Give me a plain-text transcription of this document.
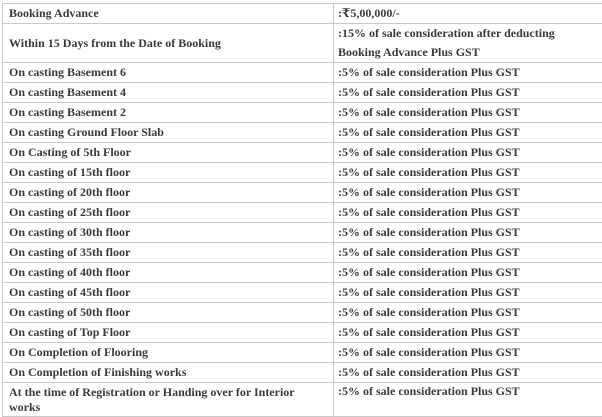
Booking Advance	:₹5,00,000/-
Within 15 Days from the Date of Booking	:15% of sale consideration after deducting
Booking Advance Plus GST

On casting Basement 6	:5% of sale consideration Plus GST
On casting Basement 4	:5% of sale consideration Plus GST
On casting Basement 2	:5% of sale consideration Plus GST
On casting Ground Floor Slab	:5% of sale consideration Plus GST
On Casting of 5th Floor	:5% of sale consideration Plus GST
On casting of 15th floor	:5% of sale consideration Plus GST
On casting of 20th floor	:5% of sale consideration Plus GST
On casting of 25th floor	:5% of sale consideration Plus GST
On casting of 30th floor	:5% of sale consideration Plus GST
On casting of 35th floor	:5% of sale consideration Plus GST
On casting of 40th floor	:5% of sale consideration Plus GST
On casting of 45th floor	:5% of sale consideration Plus GST
On casting of 50th floor	:5% of sale consideration Plus GST
On casting of Top Floor	:5% of sale consideration Plus GST
On Completion of Flooring	:5% of sale consideration Plus GST
On Completion of Finishing works	:5% of sale consideration Plus GST
At the time of Registration or Handing over for Interior works	:5% of sale consideration Plus GST
